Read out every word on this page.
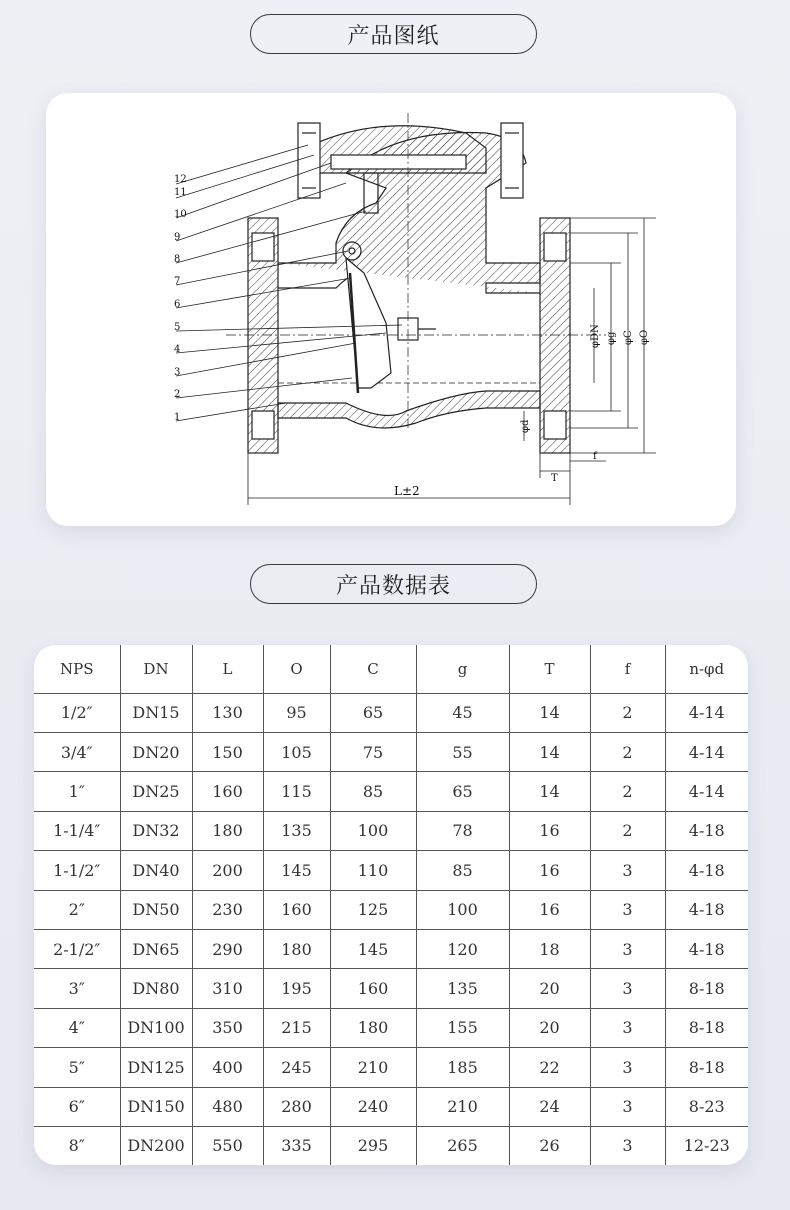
产品图纸
12
11
10
9
8
7
6
5
4
3
2
1
L±2
φDN φg φC φO
φd
T
f
产品数据表
NPS	DN	L	O	C	g	T	f	n-φd
1/2″	DN15	130	95	65	45	14	2	4-14
3/4″	DN20	150	105	75	55	14	2	4-14
1″	DN25	160	115	85	65	14	2	4-14
1-1/4″	DN32	180	135	100	78	16	2	4-18
1-1/2″	DN40	200	145	110	85	16	3	4-18
2″	DN50	230	160	125	100	16	3	4-18
2-1/2″	DN65	290	180	145	120	18	3	4-18
3″	DN80	310	195	160	135	20	3	8-18
4″	DN100	350	215	180	155	20	3	8-18
5″	DN125	400	245	210	185	22	3	8-18
6″	DN150	480	280	240	210	24	3	8-23
8″	DN200	550	335	295	265	26	3	12-23
